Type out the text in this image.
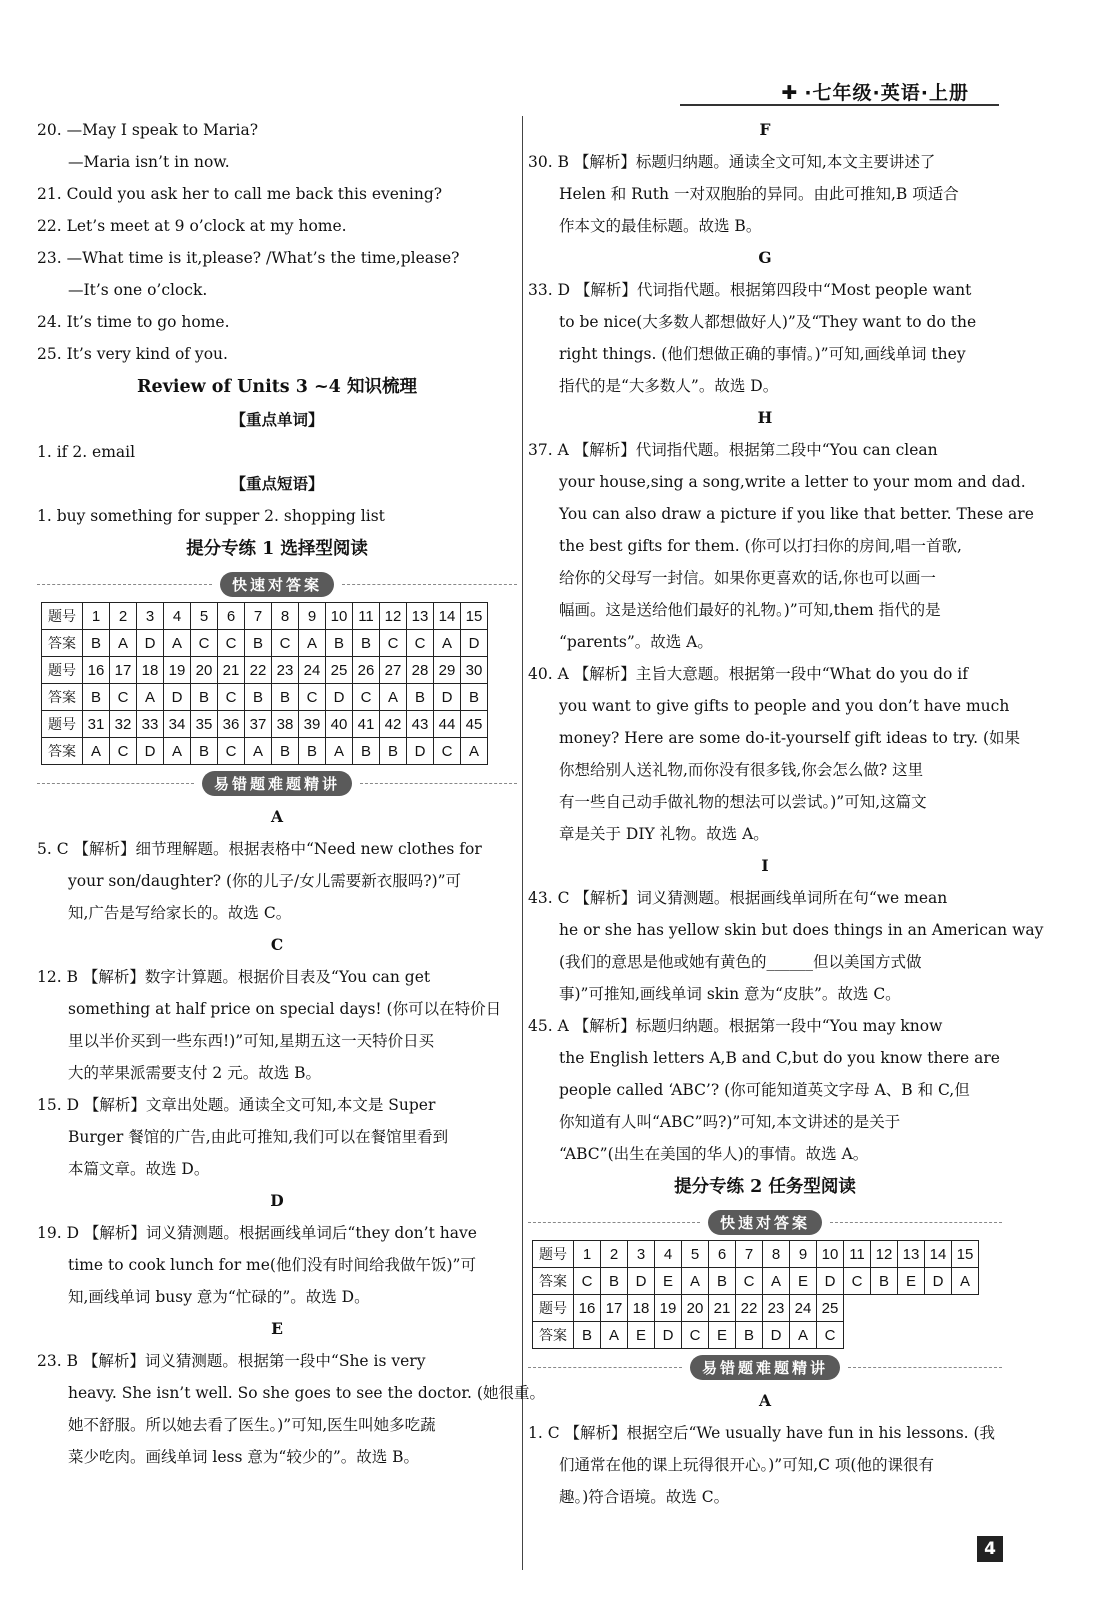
✚ ·七年级·英语·上册
20. —May I speak to Maria?
—Maria isn’t in now.
21. Could you ask her to call me back this evening?
22. Let’s meet at 9 o’clock at my home.
23. —What time is it,please? /What’s the time,please?
—It’s one o’clock.
24. It’s time to go home.
25. It’s very kind of you.
Review of Units 3 ~4 知识梳理
【重点单词】
1. if 2. email
【重点短语】
1. buy something for supper 2. shopping list
提分专练 1 选择型阅读
快速对答案
题号	1	2	3	4	5	6	7	8	9	10	11	12	13	14	15
答案	B	A	D	A	C	C	B	C	A	B	B	C	C	A	D
题号	16	17	18	19	20	21	22	23	24	25	26	27	28	29	30
答案	B	C	A	D	B	C	B	B	C	D	C	A	B	D	B
题号	31	32	33	34	35	36	37	38	39	40	41	42	43	44	45
答案	A	C	D	A	B	C	A	B	B	A	B	B	D	C	A
易错题难题精讲
A
5. C 【解析】细节理解题。根据表格中“Need new clothes for
your son/daughter? (你的儿子/女儿需要新衣服吗?)”可
知,广告是写给家长的。故选 C。
C
12. B 【解析】数字计算题。根据价目表及“You can get
something at half price on special days! (你可以在特价日
里以半价买到一些东西!)”可知,星期五这一天特价日买
大的苹果派需要支付 2 元。故选 B。
15. D 【解析】文章出处题。通读全文可知,本文是 Super
Burger 餐馆的广告,由此可推知,我们可以在餐馆里看到
本篇文章。故选 D。
D
19. D 【解析】词义猜测题。根据画线单词后“they don’t have
time to cook lunch for me(他们没有时间给我做午饭)”可
知,画线单词 busy 意为“忙碌的”。故选 D。
E
23. B 【解析】词义猜测题。根据第一段中“She is very
heavy. She isn’t well. So she goes to see the doctor. (她很重。
她不舒服。所以她去看了医生。)”可知,医生叫她多吃蔬
菜少吃肉。画线单词 less 意为“较少的”。故选 B。
F
30. B 【解析】标题归纳题。通读全文可知,本文主要讲述了
Helen 和 Ruth 一对双胞胎的异同。由此可推知,B 项适合
作本文的最佳标题。故选 B。
G
33. D 【解析】代词指代题。根据第四段中“Most people want
to be nice(大多数人都想做好人)”及“They want to do the
right things. (他们想做正确的事情。)”可知,画线单词 they
指代的是“大多数人”。故选 D。
H
37. A 【解析】代词指代题。根据第二段中“You can clean
your house,sing a song,write a letter to your mom and dad.
You can also draw a picture if you like that better. These are
the best gifts for them. (你可以打扫你的房间,唱一首歌,
给你的父母写一封信。如果你更喜欢的话,你也可以画一
幅画。这是送给他们最好的礼物。)”可知,them 指代的是
“parents”。故选 A。
40. A 【解析】主旨大意题。根据第一段中“What do you do if
you want to give gifts to people and you don’t have much
money? Here are some do-it-yourself gift ideas to try. (如果
你想给别人送礼物,而你没有很多钱,你会怎么做? 这里
有一些自己动手做礼物的想法可以尝试。)”可知,这篇文
章是关于 DIY 礼物。故选 A。
I
43. C 【解析】词义猜测题。根据画线单词所在句“we mean
he or she has yellow skin but does things in an American way
(我们的意思是他或她有黄色的______但以美国方式做
事)”可推知,画线单词 skin 意为“皮肤”。故选 C。
45. A 【解析】标题归纳题。根据第一段中“You may know
the English letters A,B and C,but do you know there are
people called ‘ABC’? (你可能知道英文字母 A、B 和 C,但
你知道有人叫“ABC”吗?)”可知,本文讲述的是关于
“ABC”(出生在美国的华人)的事情。故选 A。
提分专练 2 任务型阅读
快速对答案
题号	1	2	3	4	5	6	7	8	9	10	11	12	13	14	15
答案	C	B	D	E	A	B	C	A	E	D	C	B	E	D	A
题号	16	17	18	19	20	21	22	23	24	25					
答案	B	A	E	D	C	E	B	D	A	C					
易错题难题精讲
A
1. C 【解析】根据空后“We usually have fun in his lessons. (我
们通常在他的课上玩得很开心。)”可知,C 项(他的课很有
趣。)符合语境。故选 C。
4
